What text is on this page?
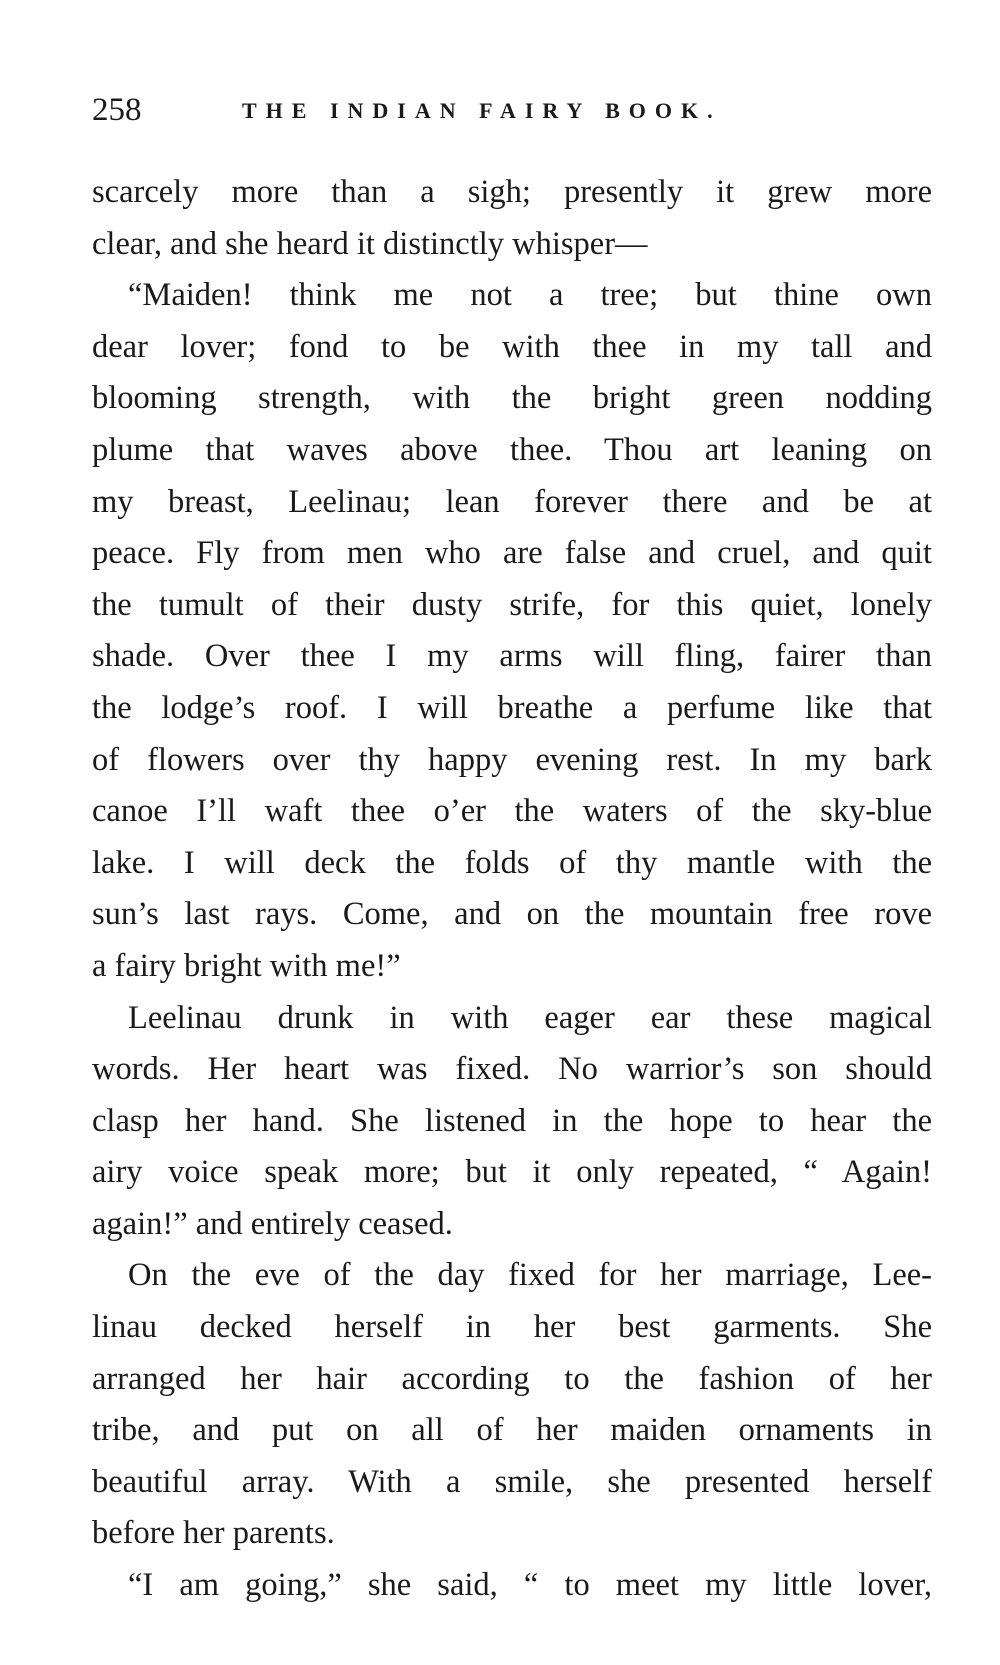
258	THE INDIAN FAIRY BOOK.
scarcely more than a sigh; presently it grew more
clear, and she heard it distinctly whisper—
“Maiden! think me not a tree; but thine own
dear lover; fond to be with thee in my tall and
blooming strength, with the bright green nodding
plume that waves above thee. Thou art leaning on
my breast, Leelinau; lean forever there and be at
peace. Fly from men who are false and cruel, and quit
the tumult of their dusty strife, for this quiet, lonely
shade. Over thee I my arms will fling, fairer than
the lodge’s roof. I will breathe a perfume like that
of flowers over thy happy evening rest. In my bark
canoe I’ll waft thee o’er the waters of the sky-blue
lake. I will deck the folds of thy mantle with the
sun’s last rays. Come, and on the mountain free rove
a fairy bright with me!”
Leelinau drunk in with eager ear these magical
words. Her heart was fixed. No warrior’s son should
clasp her hand. She listened in the hope to hear the
airy voice speak more; but it only repeated, “ Again!
again!” and entirely ceased.
On the eve of the day fixed for her marriage, Lee-
linau decked herself in her best garments. She
arranged her hair according to the fashion of her
tribe, and put on all of her maiden ornaments in
beautiful array. With a smile, she presented herself
before her parents.
“I am going,” she said, “ to meet my little lover,
